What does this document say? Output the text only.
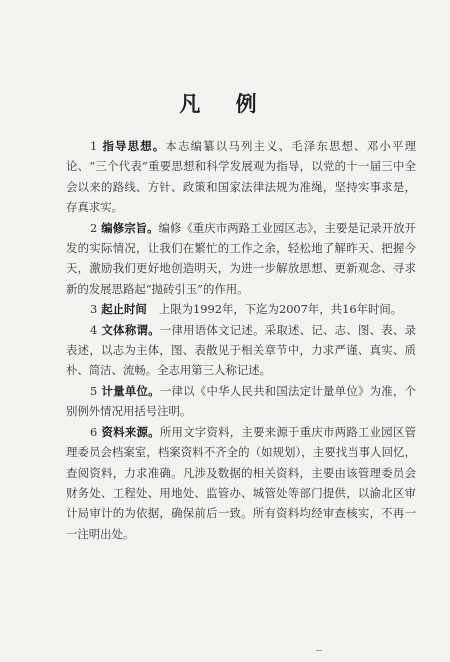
凡 例

1 指导思想。本志编纂以马列主义、毛泽东思想、邓小平理论、“三个代表”重要思想和科学发展观为指导，以党的十一届三中全会以来的路线、方针、政策和国家法律法规为准绳，坚持实事求是，存真求实。

2 编修宗旨。编修《重庆市两路工业园区志》，主要是记录开放开发的实际情况，让我们在繁忙的工作之余，轻松地了解昨天、把握今天，激励我们更好地创造明天，为进一步解放思想、更新观念、寻求新的发展思路起“抛砖引玉”的作用。

3 起止时间 上限为1992年，下迄为2007年，共16年时间。

4 文体称谓。一律用语体文记述。采取述、记、志、图、表、录表述，以志为主体，图、表散见于相关章节中，力求严谨、真实、质朴、简洁、流畅。全志用第三人称记述。

5 计量单位。一律以《中华人民共和国法定计量单位》为准，个别例外情况用括号注明。

6 资料来源。所用文字资料，主要来源于重庆市两路工业园区管理委员会档案室，档案资料不齐全的（如规划），主要找当事人回忆，查阅资料，力求准确。凡涉及数据的相关资料，主要由该管理委员会财务处、工程处、用地处、监管办、城管处等部门提供，以渝北区审计局审计的为依据，确保前后一致。所有资料均经审查核实，不再一一注明出处。
